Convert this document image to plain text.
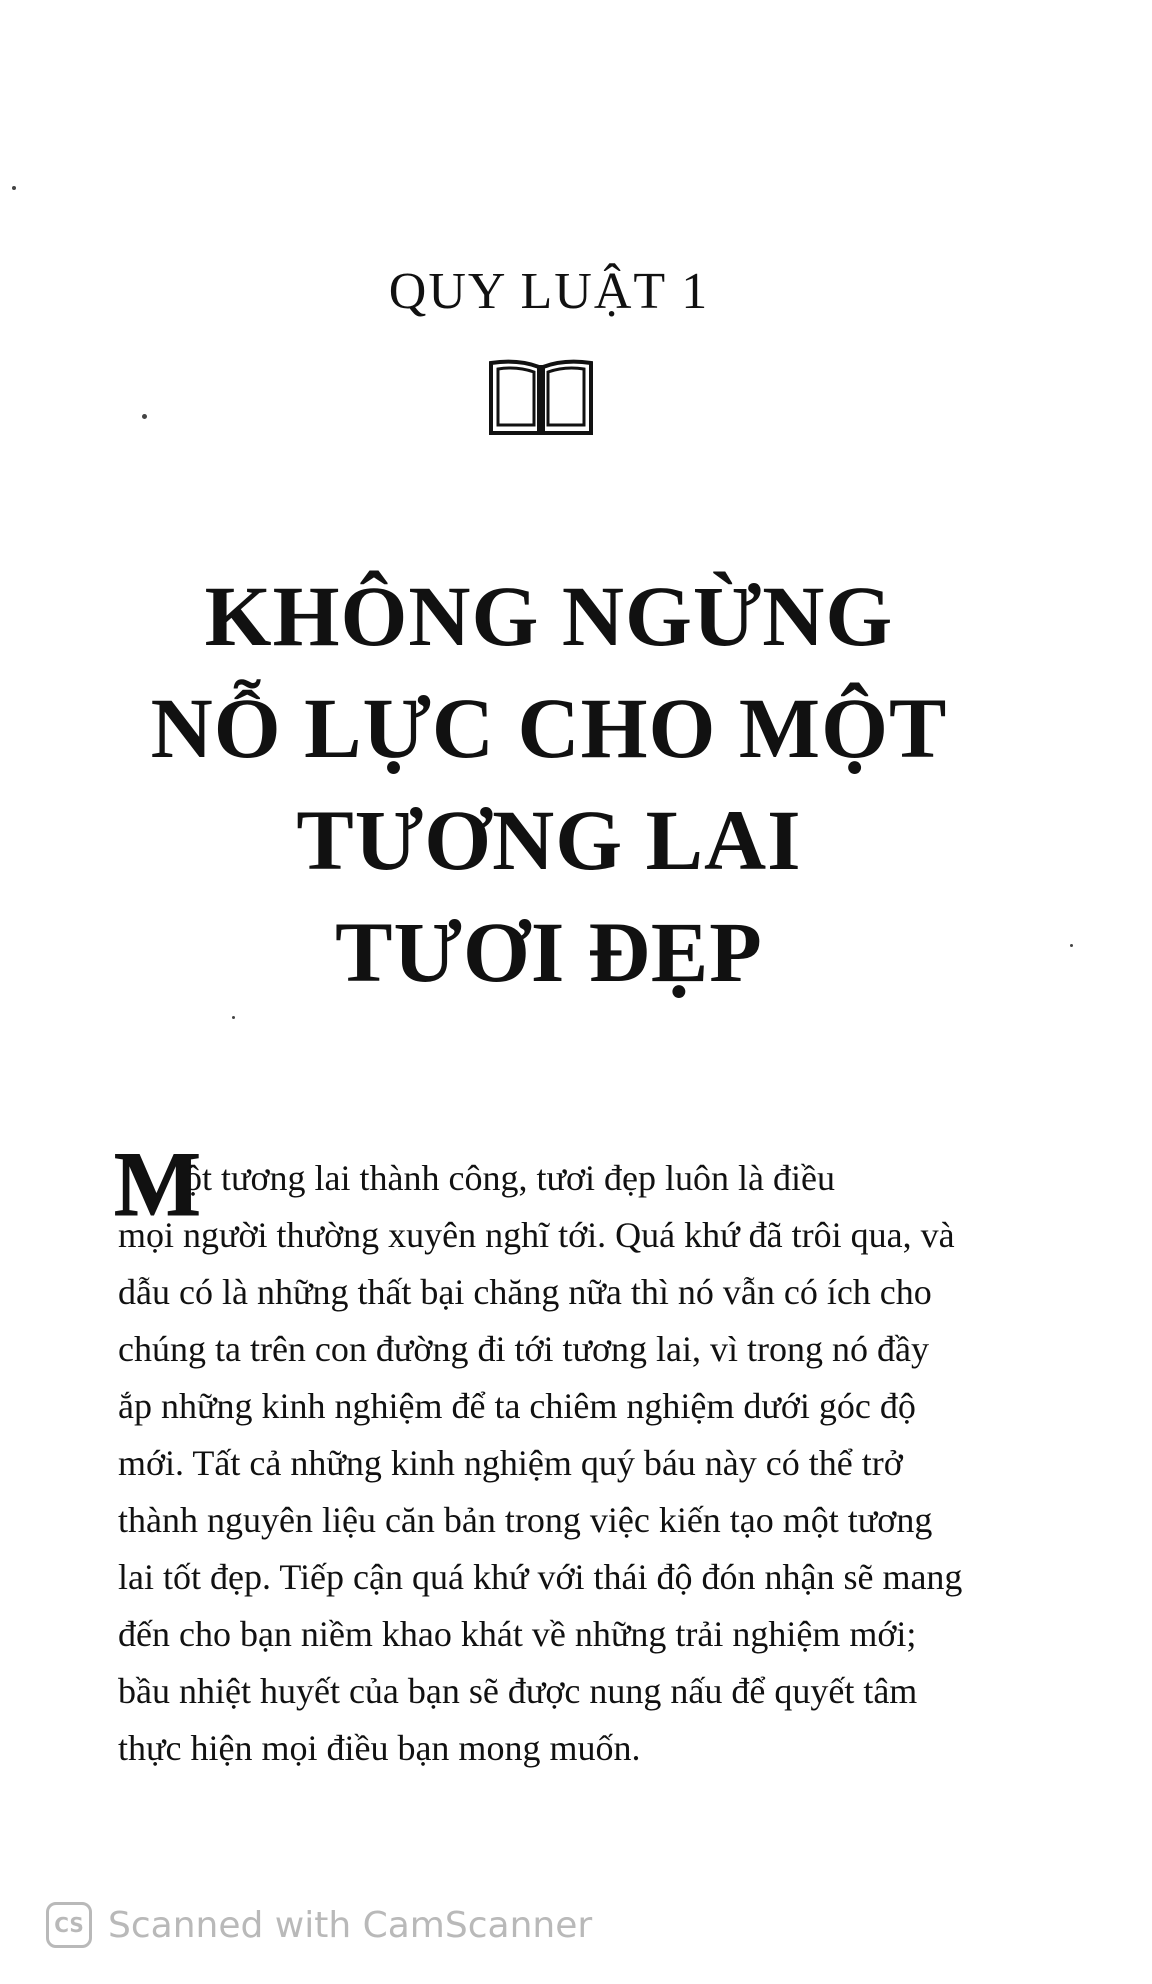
QUY LUẬT 1
KHÔNG NGỪNG
NỖ LỰC CHO MỘT
TƯƠNG LAI
TƯƠI ĐẸP
M
ột tương lai thành công, tươi đẹp luôn là điều
mọi người thường xuyên nghĩ tới. Quá khứ đã trôi qua, và
dẫu có là những thất bại chăng nữa thì nó vẫn có ích cho
chúng ta trên con đường đi tới tương lai, vì trong nó đầy
ắp những kinh nghiệm để ta chiêm nghiệm dưới góc độ
mới. Tất cả những kinh nghiệm quý báu này có thể trở
thành nguyên liệu căn bản trong việc kiến tạo một tương
lai tốt đẹp. Tiếp cận quá khứ với thái độ đón nhận sẽ mang
đến cho bạn niềm khao khát về những trải nghiệm mới;
bầu nhiệt huyết của bạn sẽ được nung nấu để quyết tâm
thực hiện mọi điều bạn mong muốn.
CS Scanned with CamScanner
